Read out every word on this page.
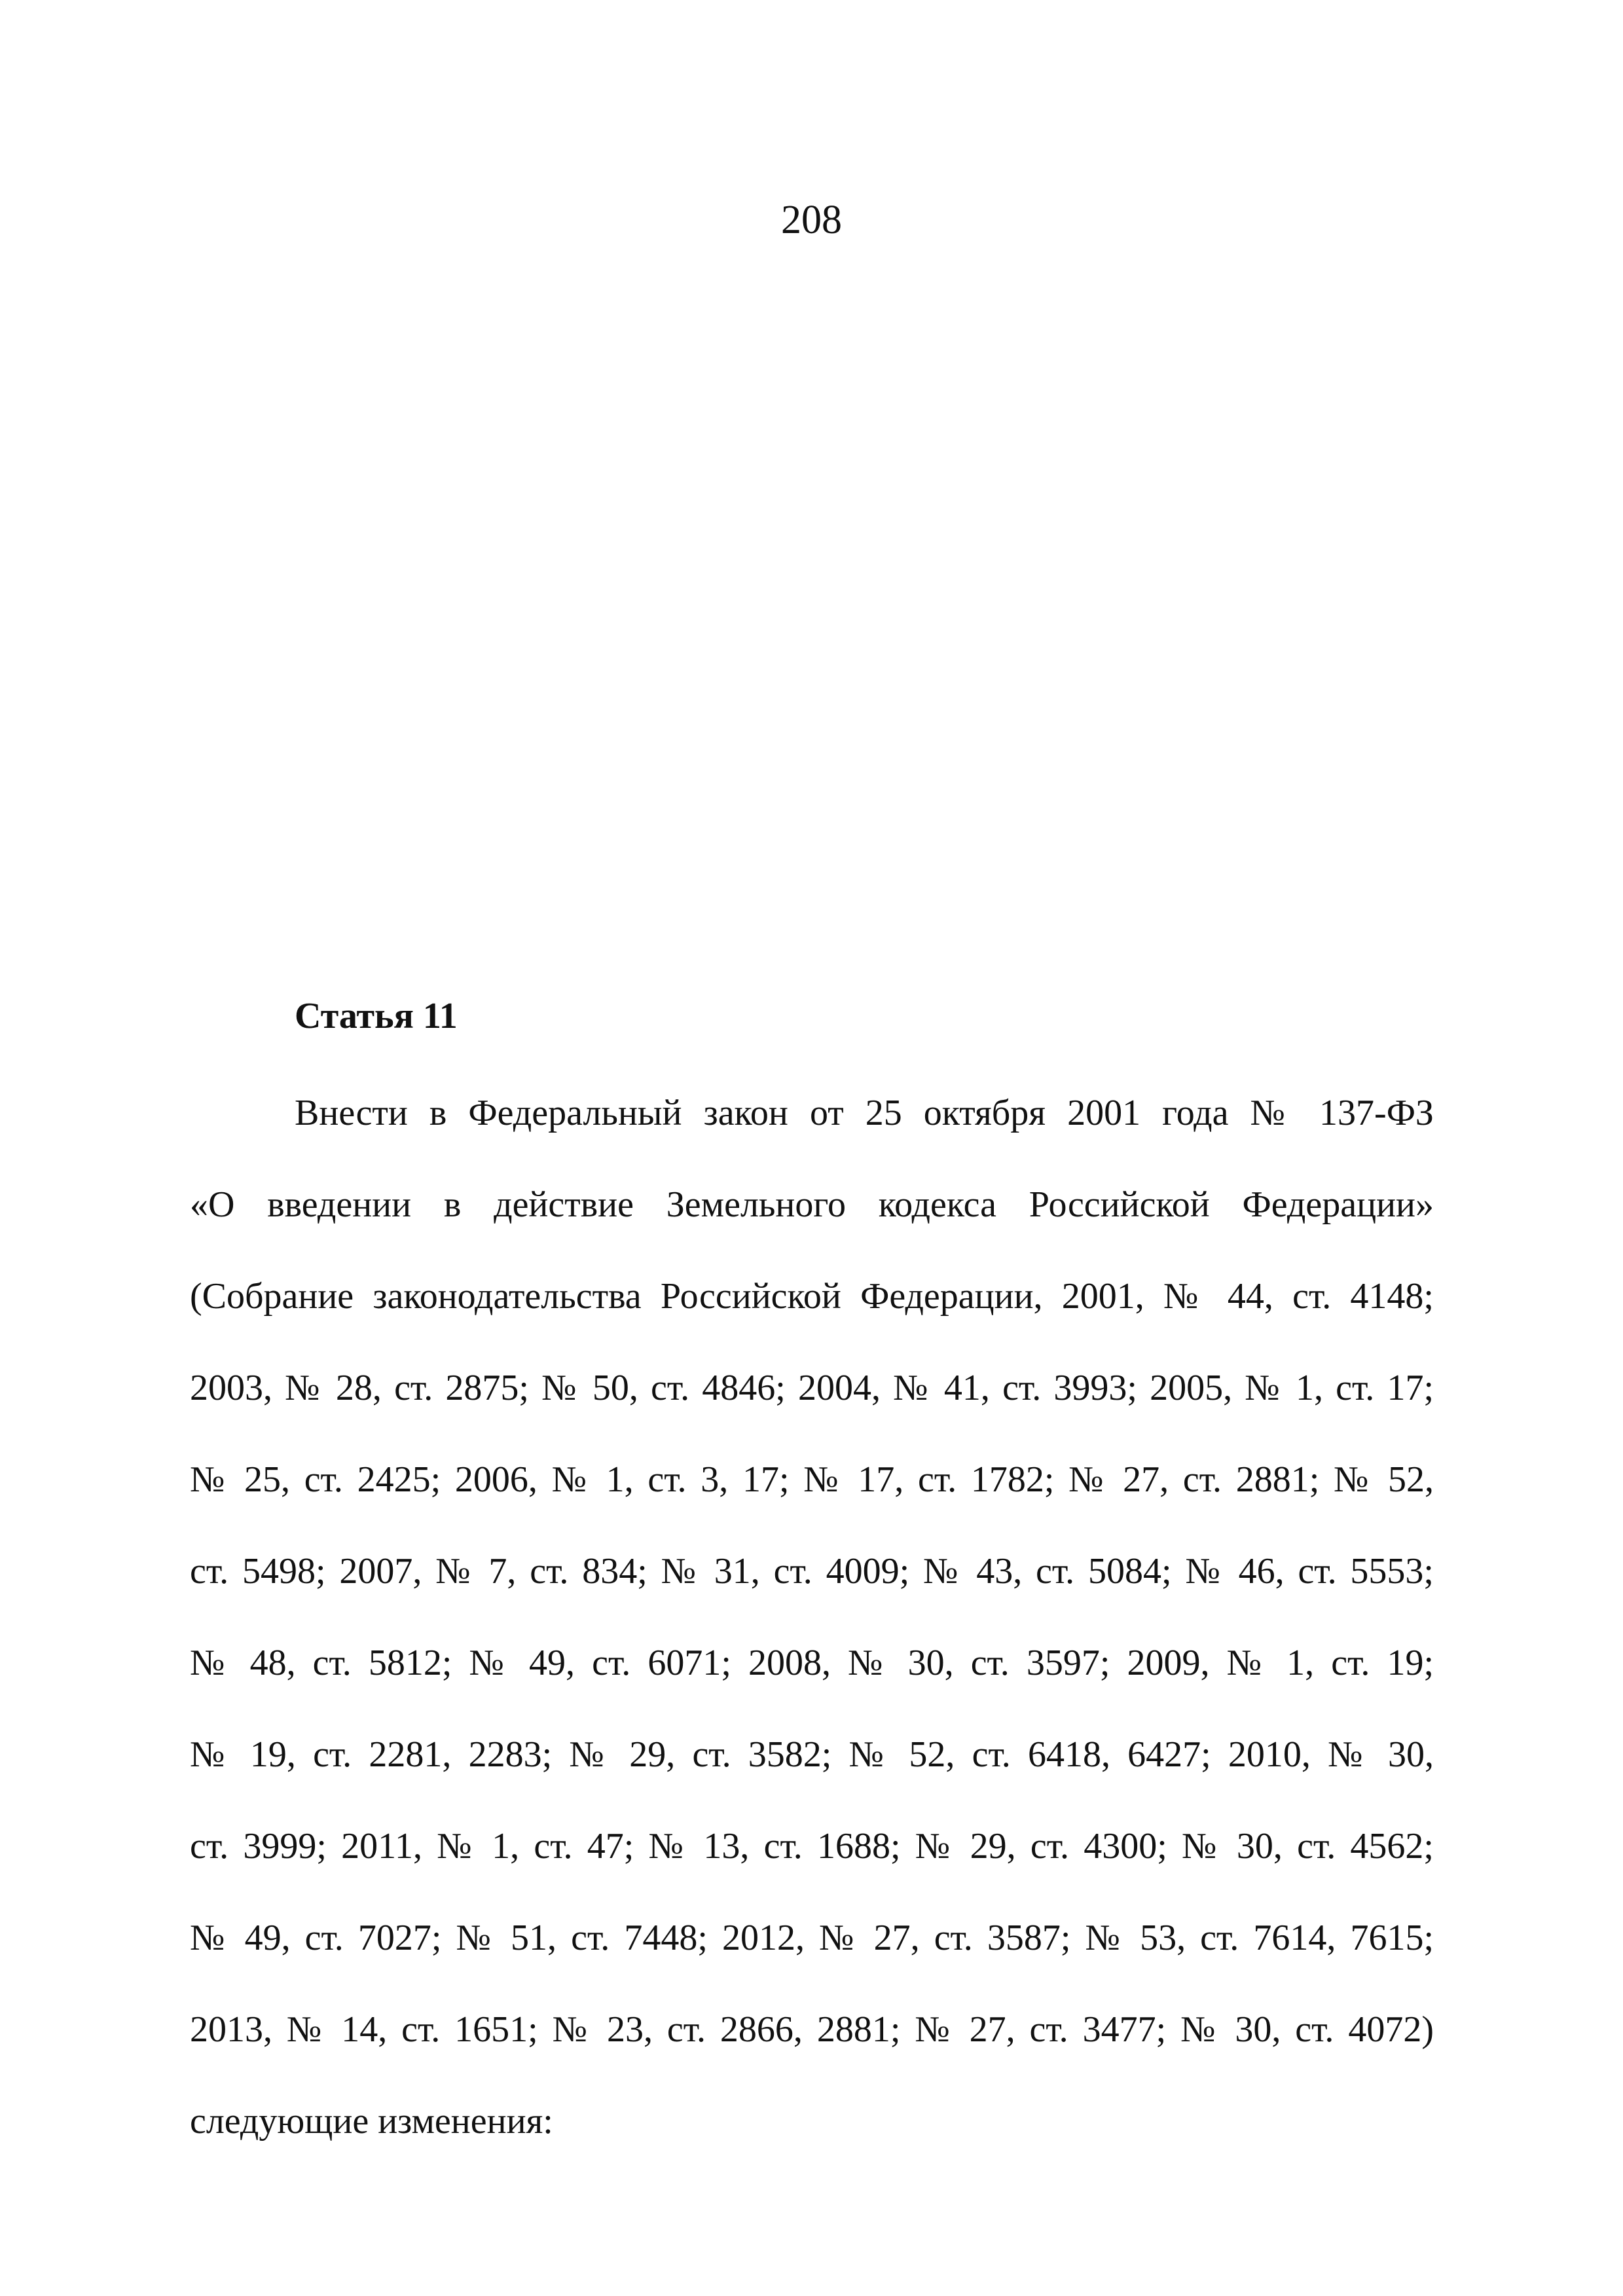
208
Статья 11
Внести в Федеральный закон от 25 октября 2001 года № 137-ФЗ
«О введении в действие Земельного кодекса Российской Федерации»
(Собрание законодательства Российской Федерации, 2001, № 44, ст. 4148;
2003, № 28, ст. 2875; № 50, ст. 4846; 2004, № 41, ст. 3993; 2005, № 1, ст. 17;
№ 25, ст. 2425; 2006, № 1, ст. 3, 17; № 17, ст. 1782; № 27, ст. 2881; № 52,
ст. 5498; 2007, № 7, ст. 834; № 31, ст. 4009; № 43, ст. 5084; № 46, ст. 5553;
№ 48, ст. 5812; № 49, ст. 6071; 2008, № 30, ст. 3597; 2009, № 1, ст. 19;
№ 19, ст. 2281, 2283; № 29, ст. 3582; № 52, ст. 6418, 6427; 2010, № 30,
ст. 3999; 2011, № 1, ст. 47; № 13, ст. 1688; № 29, ст. 4300; № 30, ст. 4562;
№ 49, ст. 7027; № 51, ст. 7448; 2012, № 27, ст. 3587; № 53, ст. 7614, 7615;
2013, № 14, ст. 1651; № 23, ст. 2866, 2881; № 27, ст. 3477; № 30, ст. 4072)
следующие изменения:
